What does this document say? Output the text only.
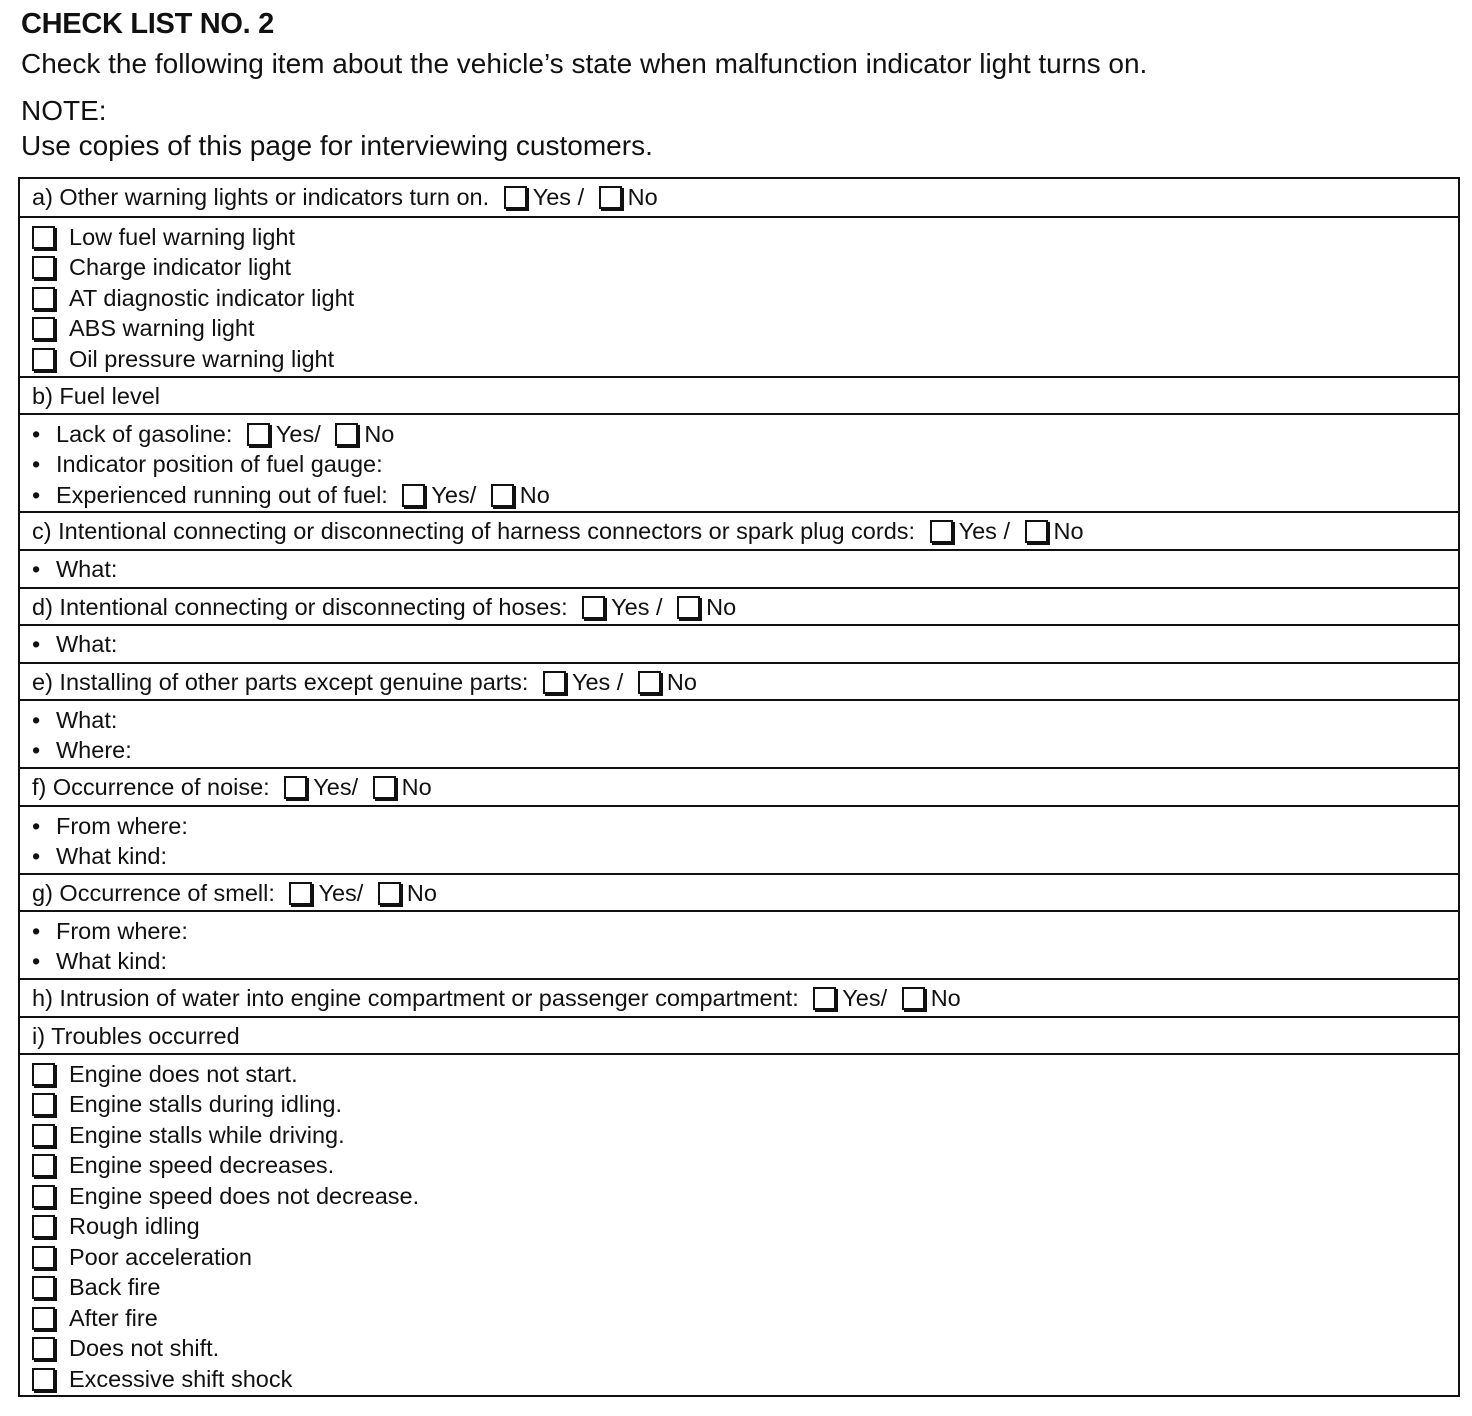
CHECK LIST NO. 2
Check the following item about the vehicle’s state when malfunction indicator light turns on.
NOTE:
Use copies of this page for interviewing customers.
a) Other warning lights or indicators turn on. Yes / No
Low fuel warning light
Charge indicator light
AT diagnostic indicator light
ABS warning light
Oil pressure warning light
b) Fuel level
• Lack of gasoline: Yes/ No
• Indicator position of fuel gauge:
• Experienced running out of fuel: Yes/ No
c) Intentional connecting or disconnecting of harness connectors or spark plug cords: Yes / No
• What:
d) Intentional connecting or disconnecting of hoses: Yes / No
• What:
e) Installing of other parts except genuine parts: Yes / No
• What:
• Where:
f) Occurrence of noise: Yes/ No
• From where:
• What kind:
g) Occurrence of smell: Yes/ No
• From where:
• What kind:
h) Intrusion of water into engine compartment or passenger compartment: Yes/ No
i) Troubles occurred
Engine does not start.
Engine stalls during idling.
Engine stalls while driving.
Engine speed decreases.
Engine speed does not decrease.
Rough idling
Poor acceleration
Back fire
After fire
Does not shift.
Excessive shift shock
